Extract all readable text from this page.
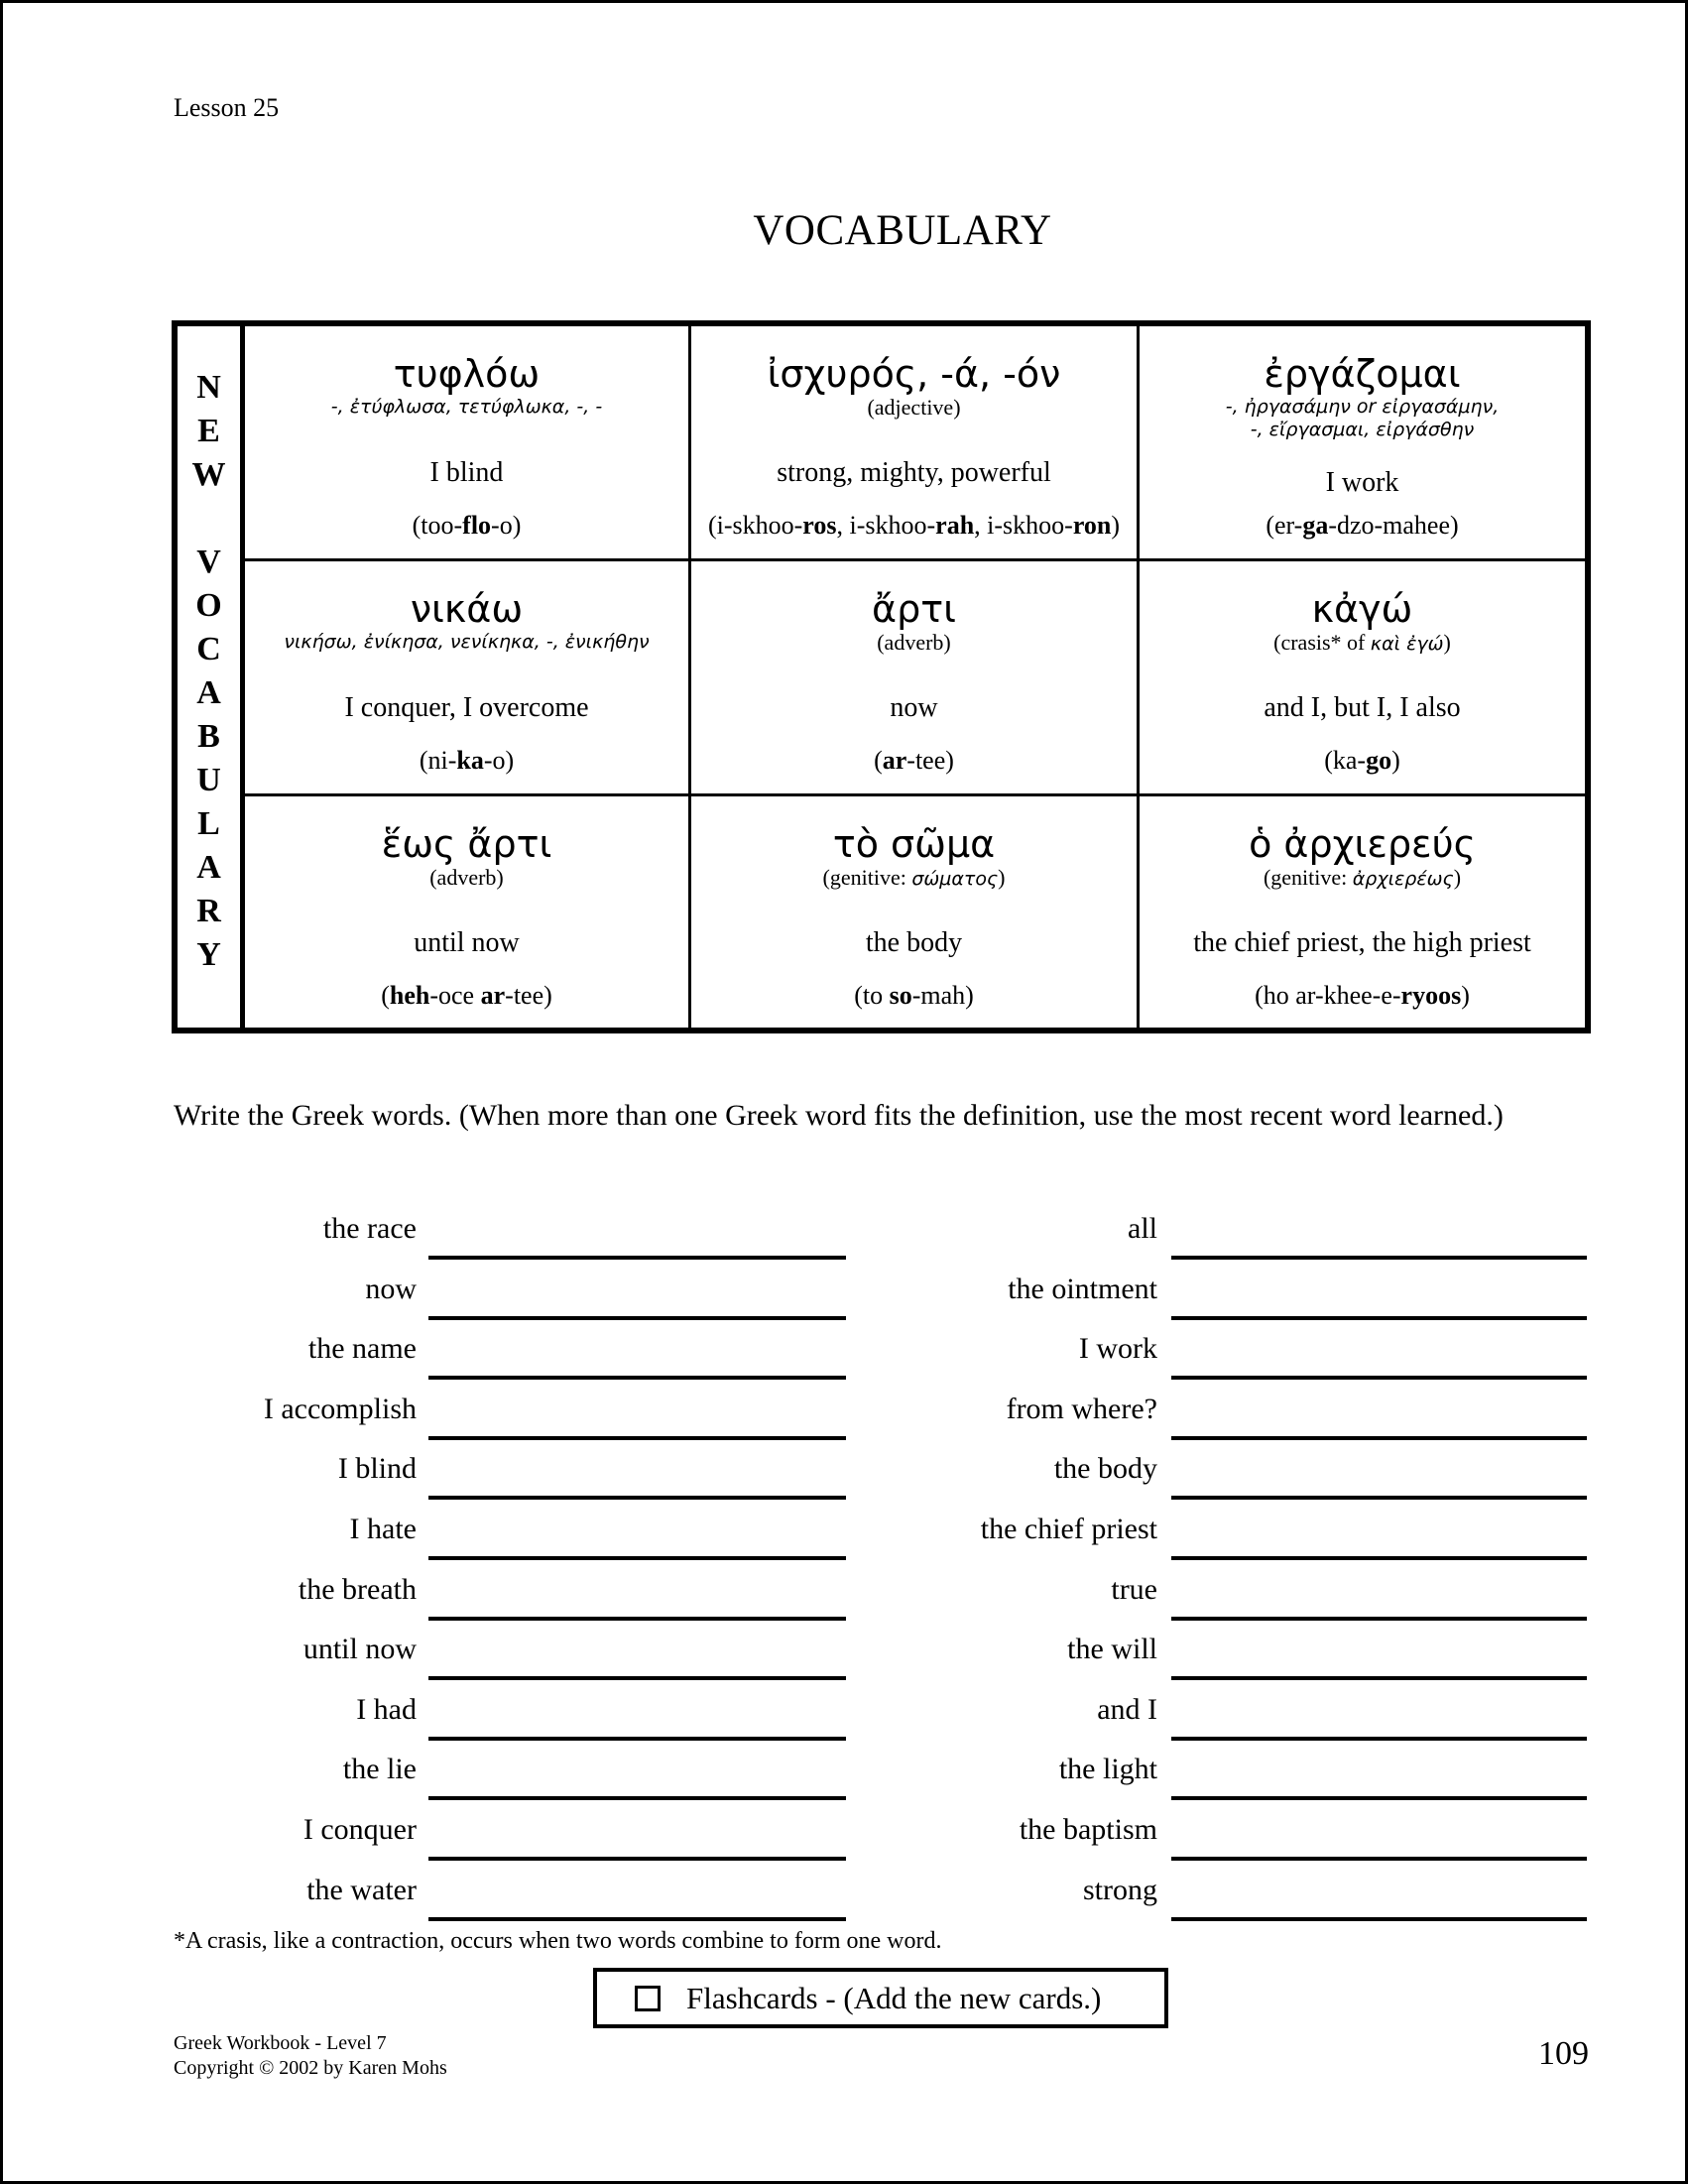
Lesson 25
VOCABULARY
N
E
W
V
O
C
A
B
U
L
A
R
Y
τυφλόω
-, ἐτύφλωσα, τετύφλωκα, -, -
I blind
(too-flo-o)
ἰσχυρός, -ά, -όν
(adjective)
strong, mighty, powerful
(i-skhoo-ros, i-skhoo-rah, i-skhoo-ron)
ἐργάζομαι
-, ἠργασάμην or εἰργασάμην,
-, εἴργασμαι, εἰργάσθην
I work
(er-ga-dzo-mahee)
νικάω
νικήσω, ἐνίκησα, νενίκηκα, -, ἐνικήθην
I conquer, I overcome
(ni-ka-o)
ἄρτι
(adverb)
now
(ar-tee)
κἀγώ
(crasis* of καὶ ἐγώ)
and I, but I, I also
(ka-go)
ἕως ἄρτι
(adverb)
until now
(heh-oce ar-tee)
τὸ σῶμα
(genitive: σώματος)
the body
(to so-mah)
ὁ ἀρχιερεύς
(genitive: ἀρχιερέως)
the chief priest, the high priest
(ho ar-khee-e-ryoos)
Write the Greek words. (When more than one Greek word fits the definition, use the most recent word learned.)
the race
now
the name
I accomplish
I blind
I hate
the breath
until now
I had
the lie
I conquer
the water
all
the ointment
I work
from where?
the body
the chief priest
true
the will
and I
the light
the baptism
strong
*A crasis, like a contraction, occurs when two words combine to form one word.
Flashcards - (Add the new cards.)
Greek Workbook - Level 7
Copyright © 2002 by Karen Mohs	109
